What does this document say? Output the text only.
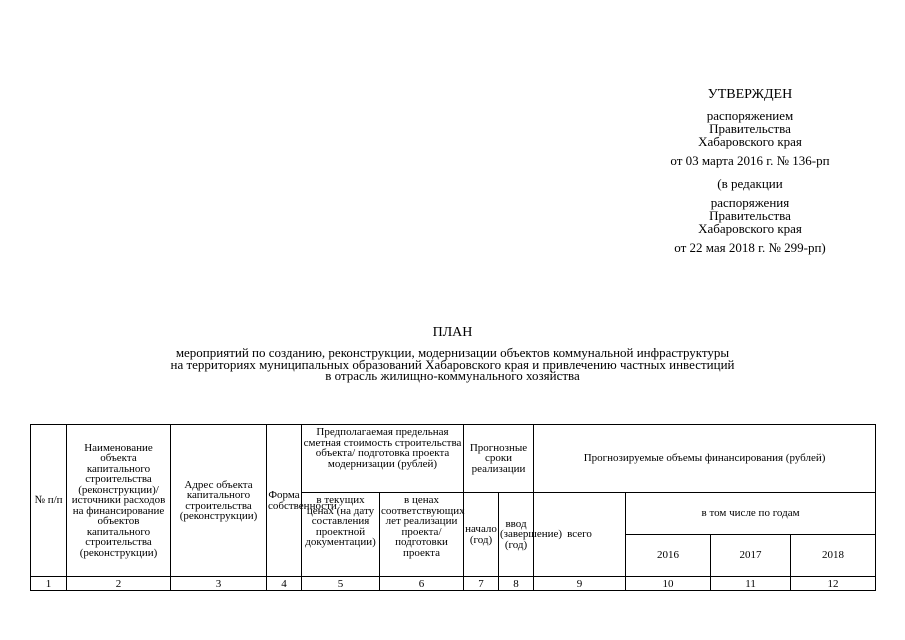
УТВЕРЖДЕН
распоряжением
Правительства
Хабаровского края
от 03 марта 2016 г. № 136-рп
(в редакции
распоряжения
Правительства
Хабаровского края
от 22 мая 2018 г. № 299-рп)
ПЛАН
мероприятий по созданию, реконструкции, модернизации объектов коммунальной инфраструктуры
на территориях муниципальных образований Хабаровского края и привлечению частных инвестиций
в отрасль жилищно-коммунального хозяйства
№ п/п	Наименование объекта капитального строительства (реконструкции)/ источники расходов на финансирование объектов капитального строительства (реконструкции)	Адрес объекта капитального строительства (реконструкции)	Форма собственности	Предполагаемая предельная сметная стоимость строительства объекта/ подготовка проекта модернизации (рублей)		Прогнозные сроки реализации		Прогнозируемые объемы финансирования (рублей)			
				в текущих ценах (на дату составления проектной документации)	в ценах соответствующих лет реализации проекта/ подготовки проекта	начало (год)	ввод (завершение) (год)	всего	в том числе по годам		
									2016	2017	2018
1	2	3	4	5	6	7	8	9	10	11	12
